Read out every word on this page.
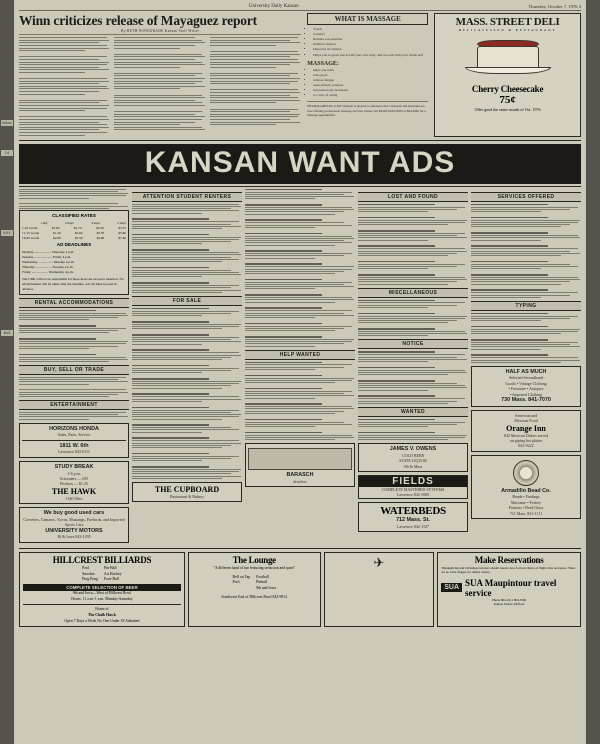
Mass
KAY
Bell
14
University Daily Kansan	Thursday, October 7, 1976 3
Winn criticizes release of Mayaguez report
By BETH WINOGRADE Kansan Staff Writer
WHAT IS MASSAGE
• Touch
• Comfort
• Relaxes sore muscles
• Relieves tension
• Improves circulation
• Helps you to get in touch with your own body, and in touch with your whole self
MASSAGE:
• helps you relax
• feels good
• relieves fatigue
• eases muscle soreness
• increases body awareness
• is a way of caring
HEADQUARTERS at 804 Vermont is pleased to announce that a masseur and masseuse are now offering professional massage services. Please call READ MASTERS at 864-4696 for a massage appointment.
MASS. STREET DELI
DELICATESSEN & RESTAURANT
Cherry Cheesecake
75¢
Offer good the entire month of Oct. 1976
KANSAN WANT ADS
CLASSIFIED RATES

1 day	2 days	3 days	5 days
1-10 words	$1.00	$1.75	$2.50	$3.75
11-15 words	$1.50	$2.60	$3.70	$5.60
16-20 words	$2.00	$3.50	$4.90	$7.40
AD DEADLINES
Monday .................... Thursday 4 p.m.
Tuesday ..................... Friday 4 p.m.
Wednesday ................. Monday 4 p.m.
Thursday ................... Tuesday 4 p.m.
Friday ................... Wednesday 4 p.m.
The UDK will not be responsible for more than one incorrect insertion. No advertisement will be taken after the deadline. All ads must be paid in advance.
RENTAL ACCOMMODATIONS
BUY, SELL OR TRADE
ENTERTAINMENT
HORIZONS HONDA
Sales, Parts, Service
1811 W. 6th
Lawrence 843-0111
STUDY BREAK
1-6 p.m.
Schooners — 65¢
Pitchers — $1.25
THE HAWK
1340 Ohio
We buy good used cars
Corvettes, Camaros, Novas, Mustangs, Firebirds, and Imported Sports Cars
UNIVERSITY MOTORS
36 & Iowa 843-1295
ATTENTION STUDENT RENTERS
FOR SALE
THE CUPBOARD
Restaurant & Bakery
HELP WANTED
BARASCH
Jewelers
LOST AND FOUND
MISCELLANEOUS
NOTICE
WANTED
JAMES V. OWENS
COLD BEER
STATE LIQUOR
9th & Mass
FIELDS
COMPLETE MASTERED SYSTEMS
Lawrence 842-1000
WATERBEDS
712 Mass. St.
Lawrence 842-1107
SERVICES OFFERED
TYPING
HALF AS MUCH
Selected Secondhand
Goods • Vintage Clothing
• Furniture • Antiques
• Imported Clothing
730 Mass. 841-7070
American and
Mexican Food
Orange Inn
842 Mexican Dishes served
on piping hot platter
843-9222
Armadillo Bead Co.
Beads • Findings
Macrame • Pottery
Patterns • Fired Glass
711 Mass. 841-1111
HILLCREST BILLIARDS
Pool
Snooker
Ping Pong
Pin-Ball
Air Hockey
Foos-Ball
COMPLETE SELECTION OF BEER
9th and Iowa—West of Hillcrest Bowl
Hours: 11 a.m.-1 a.m. Monday-Saturday
Home of
The Chalk Hawk
Open 7 Days a Week No One Under 18 Admitted
The Lounge
"A different kind of bar featuring seclusion and quiet"
Bell on Tap
Pool
Football
Pinball
9th and Iowa
Southwest End of Hillcrest Bowl 842-9812
✈
	Make Reservations
Thanksgiving and Christmas travelers should reserve now for best choice of flight, time and space. There are no extra charges for airline tickets.
SUA SUA Maupintour travel service
Phone 864-1011 864-3506
Kansas Union, 4th floor
